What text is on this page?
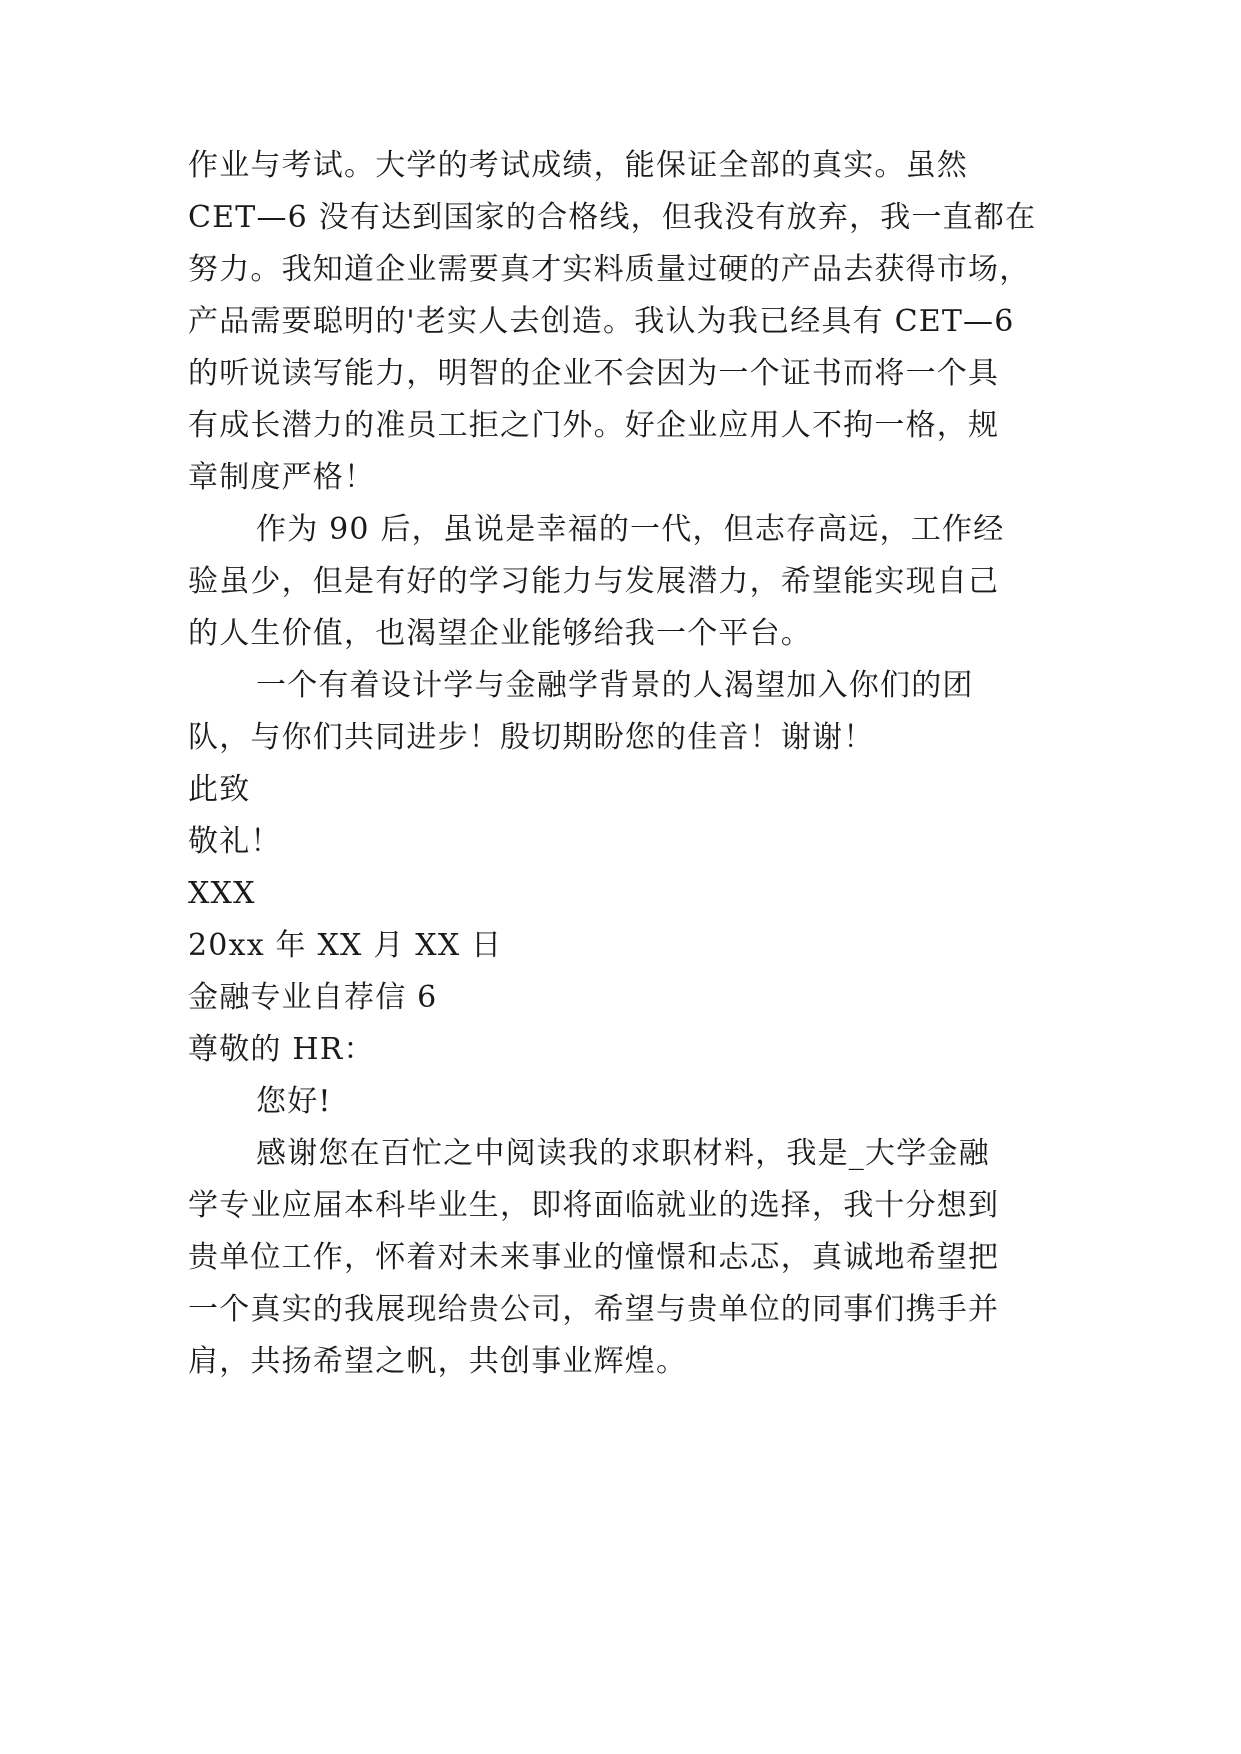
作业与考试。大学的考试成绩，能保证全部的真实。虽然

CET—6 没有达到国家的合格线，但我没有放弃，我一直都在

努力。我知道企业需要真才实料质量过硬的产品去获得市场，

产品需要聪明的'老实人去创造。我认为我已经具有 CET—6

的听说读写能力，明智的企业不会因为一个证书而将一个具

有成长潜力的准员工拒之门外。好企业应用人不拘一格，规

章制度严格！

作为 90 后，虽说是幸福的一代，但志存高远，工作经

验虽少，但是有好的学习能力与发展潜力，希望能实现自己

的人生价值，也渴望企业能够给我一个平台。

一个有着设计学与金融学背景的人渴望加入你们的团

队，与你们共同进步！殷切期盼您的佳音！谢谢！

此致

敬礼！

XXX

20xx 年 XX 月 XX 日

金融专业自荐信 6

尊敬的 HR：

您好!

感谢您在百忙之中阅读我的求职材料，我是_大学金融

学专业应届本科毕业生，即将面临就业的选择，我十分想到

贵单位工作，怀着对未来事业的憧憬和忐忑，真诚地希望把

一个真实的我展现给贵公司，希望与贵单位的同事们携手并

肩，共扬希望之帆，共创事业辉煌。
